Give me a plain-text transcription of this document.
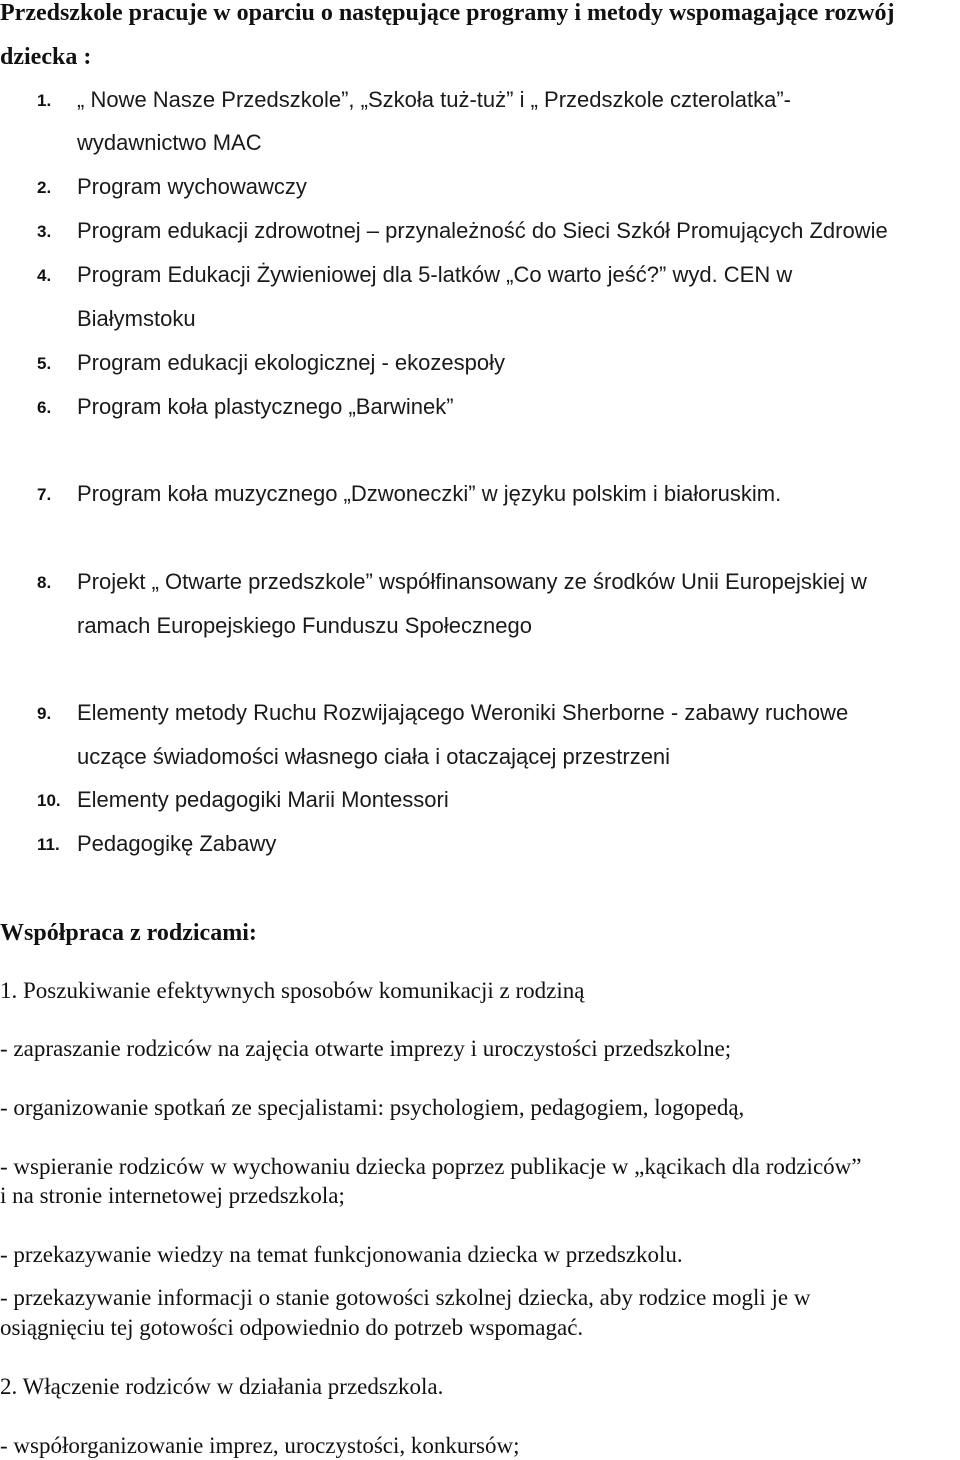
Przedszkole pracuje w oparciu o następujące programy i metody wspomagające rozwój
dziecka :
1. „ Nowe Nasze Przedszkole”, „Szkoła tuż-tuż” i „ Przedszkole czterolatka”-
wydawnictwo MAC
2. Program wychowawczy
3. Program edukacji zdrowotnej – przynależność do Sieci Szkół Promujących Zdrowie
4. Program Edukacji Żywieniowej dla 5-latków „Co warto jeść?” wyd. CEN w
Białymstoku
5. Program edukacji ekologicznej - ekozespoły
6. Program koła plastycznego „Barwinek”
7. Program koła muzycznego „Dzwoneczki” w języku polskim i białoruskim.
8. Projekt „ Otwarte przedszkole” współfinansowany ze środków Unii Europejskiej w
ramach Europejskiego Funduszu Społecznego
9. Elementy metody Ruchu Rozwijającego Weroniki Sherborne - zabawy ruchowe
uczące świadomości własnego ciała i otaczającej przestrzeni
10. Elementy pedagogiki Marii Montessori
11. Pedagogikę Zabawy
Współpraca z rodzicami:
1. Poszukiwanie efektywnych sposobów komunikacji z rodziną
- zapraszanie rodziców na zajęcia otwarte imprezy i uroczystości przedszkolne;
- organizowanie spotkań ze specjalistami: psychologiem, pedagogiem, logopedą,
- wspieranie rodziców w wychowaniu dziecka poprzez publikacje w „kącikach dla rodziców”
i na stronie internetowej przedszkola;
- przekazywanie wiedzy na temat funkcjonowania dziecka w przedszkolu.
- przekazywanie informacji o stanie gotowości szkolnej dziecka, aby rodzice mogli je w
osiągnięciu tej gotowości odpowiednio do potrzeb wspomagać.
2. Włączenie rodziców w działania przedszkola.
- współorganizowanie imprez, uroczystości, konkursów;
